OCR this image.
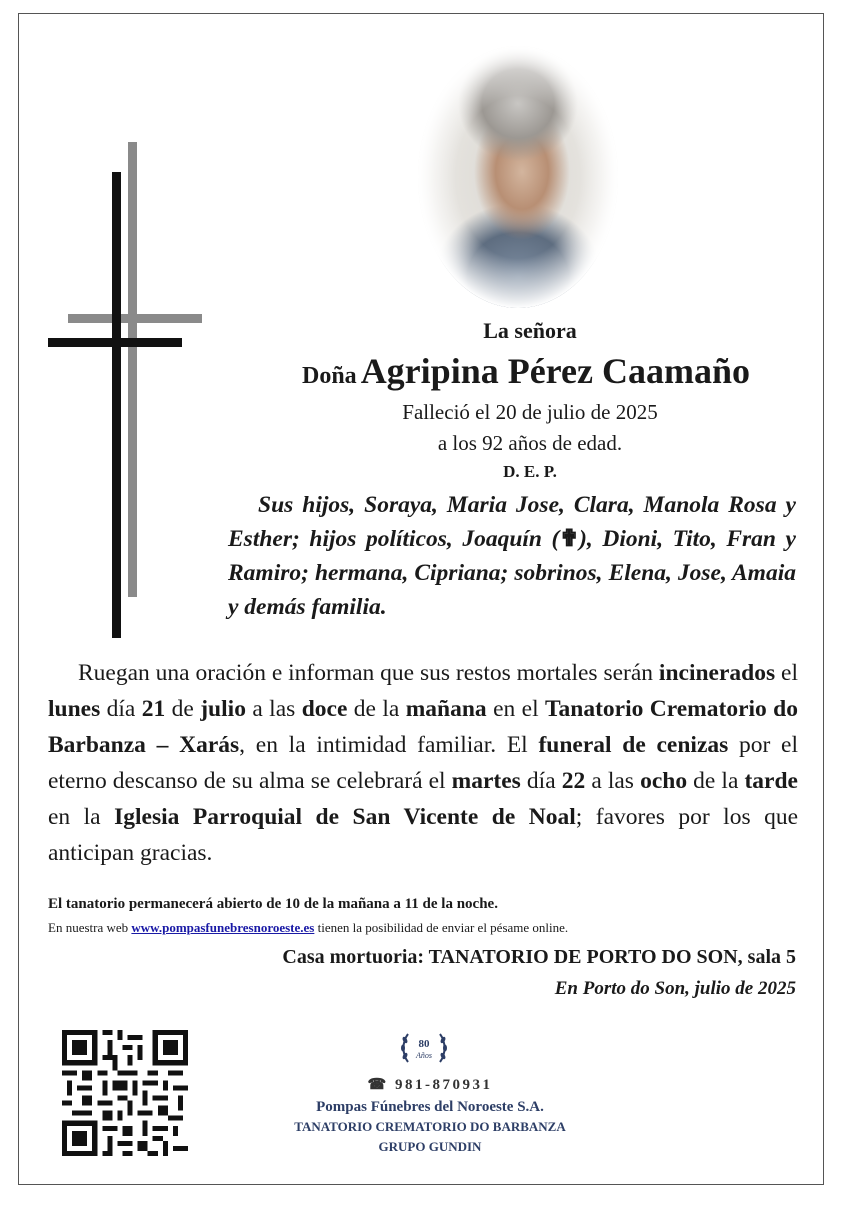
La señora
Doña Agripina Pérez Caamaño
Falleció el 20 de julio de 2025
a los 92 años de edad.
D. E. P.
Sus hijos, Soraya, Maria Jose, Clara, Manola Rosa y Esther; hijos políticos, Joaquín (✟), Dioni, Tito, Fran y Ramiro; hermana, Cipriana; sobrinos, Elena, Jose, Amaia y demás familia.
Ruegan una oración e informan que sus restos mortales serán incinerados el lunes día 21 de julio a las doce de la mañana en el Tanatorio Crematorio do Barbanza – Xarás, en la intimidad familiar. El funeral de cenizas por el eterno descanso de su alma se celebrará el martes día 22 a las ocho de la tarde en la Iglesia Parroquial de San Vicente de Noal; favores por los que anticipan gracias.
El tanatorio permanecerá abierto de 10 de la mañana a 11 de la noche.
En nuestra web www.pompasfunebresnoroeste.es tienen la posibilidad de enviar el pésame online.
Casa mortuoria: TANATORIO DE PORTO DO SON, sala 5
En Porto do Son, julio de 2025
80
Años
☎ 981-870931
Pompas Fúnebres del Noroeste S.A.
TANATORIO CREMATORIO DO BARBANZA
GRUPO GUNDIN
